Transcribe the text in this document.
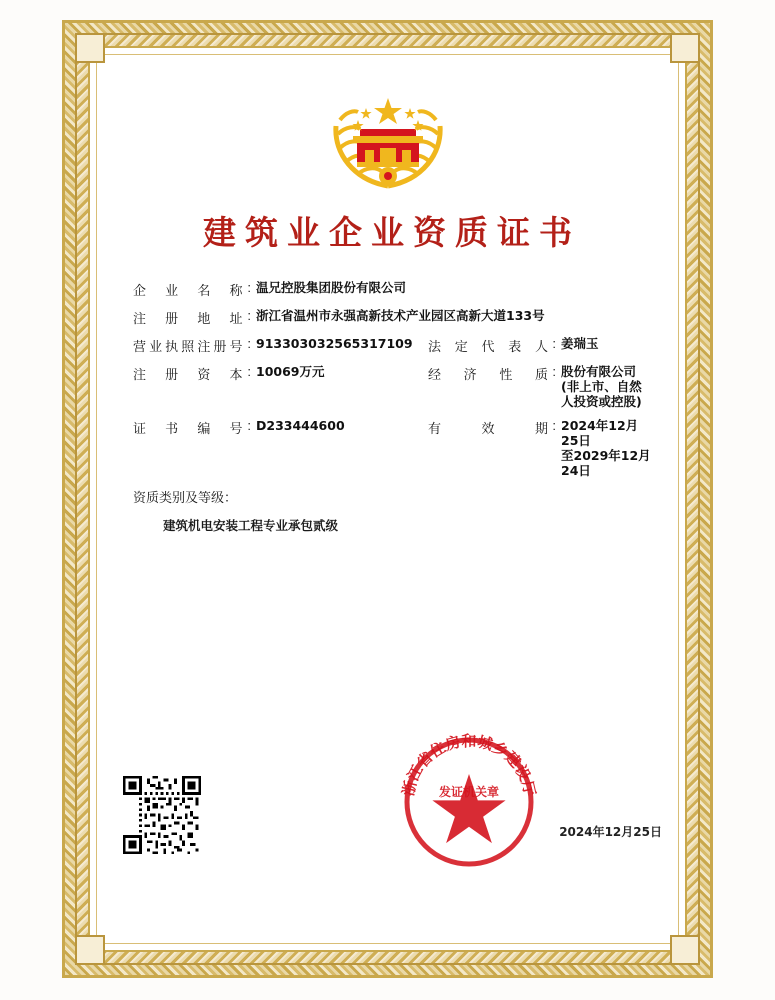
建筑业企业资质证书
企业名称 : 温兄控股集团股份有限公司
注册地址 : 浙江省温州市永强高新技术产业园区高新大道133号
营业执照注册号 : 913303032565317109	法定代表人 : 姜瑞玉
注册资本 : 10069万元	经济性质 : 股份有限公司(非上市、自然人投资或控股)
证书编号 : D233444600	有效期 : 2024年12月25日
至2029年12月24日
资质类别及等级：
建筑机电安装工程专业承包贰级
浙江省住房和城乡建设厅
发证机关章
2024年12月25日
